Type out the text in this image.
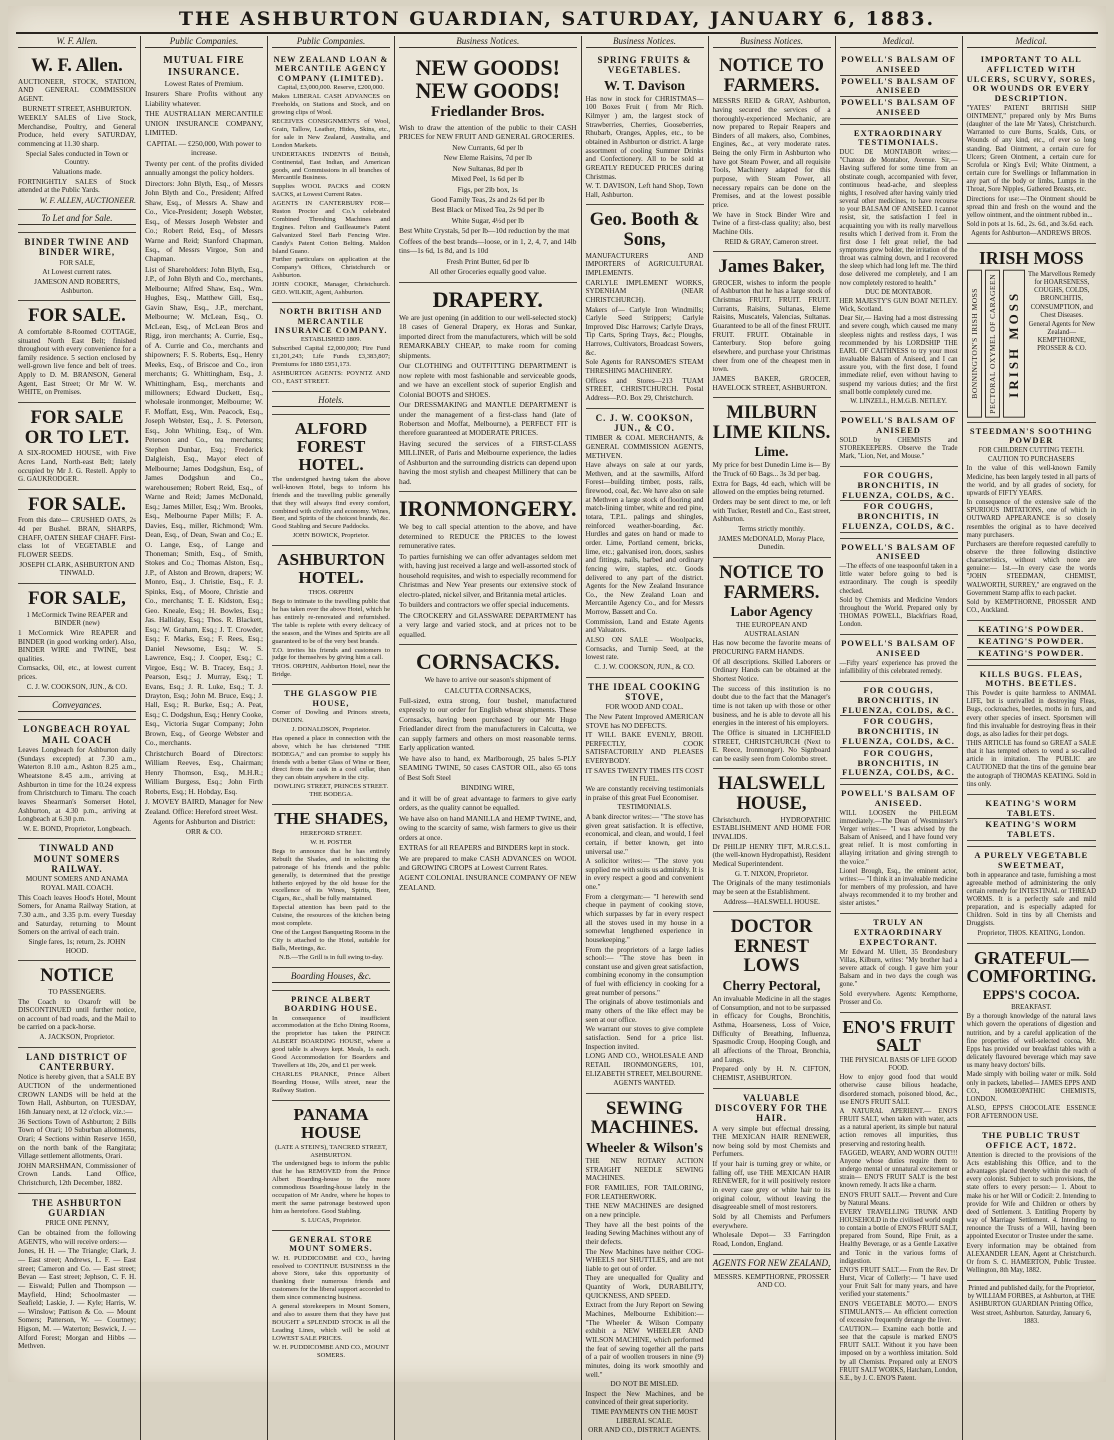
THE ASHBURTON GUARDIAN, SATURDAY, JANUARY 6, 1883.
W. F. Allen.
W. F. Allen.
AUCTIONEER, STOCK, STATION, AND GENERAL COMMISSION AGENT.
BURNETT STREET, ASHBURTON.
WEEKLY SALES of Live Stock, Merchandise, Poultry, and General Produce, held every SATURDAY, commencing at 11.30 sharp.
Special Sales conducted in Town or Country.
Valuations made.
FORTNIGHTLY SALES of Stock attended at the Public Yards.
W. F. ALLEN, AUCTIONEER.
To Let and for Sale.
BINDER TWINE AND BINDER WIRE,
FOR SALE,
At Lowest current rates.
JAMESON AND ROBERTS, Ashburton.
FOR SALE.
A comfortable 8-Roomed COTTAGE, situated North East Belt; finished throughout with every convenience for a family residence. 5 section enclosed by well-grown live fence and belt of trees. Apply to D. M. BRANSON, General Agent, East Street; Or Mr W. W. WHITE, on Premises.
FOR SALE OR TO LET.
A SIX-ROOMED HOUSE, with Five Acres Land, North-east Belt; lately occupied by Mr J. G. Restell. Apply to G. GAUKRODGER.
FOR SALE.
From this date— CRUSHED OATS, 2s 4d per Bushel. BRAN, SHARPS, CHAFF, OATEN SHEAF CHAFF. First-class lot of VEGETABLE and FLOWER SEEDS.
JOSEPH CLARK, ASHBURTON AND TINWALD.
FOR SALE,
1 McCormick Twine REAPER and BINDER (new)
1 McCormick Wire REAPER and BINDER (in good working order). Also, BINDER WIRE and TWINE, best qualities.
Cornsacks, Oil, etc., at lowest current prices.
C. J. W. COOKSON, JUN., & CO.
Conveyances.
LONGBEACH ROYAL MAIL COACH
Leaves Longbeach for Ashburton daily (Sundays excepted) at 7.30 a.m., Waterton 8.10 a.m., Ashton 8.25 a.m., Wheatstone 8.45 a.m., arriving at Ashburton in time for the 10.24 express from Christchurch to Timaru. The coach leaves Shearman's Somerset Hotel, Ashburton, at 4.30 p.m., arriving at Longbeach at 6.30 p.m.
W. E. BOND, Proprietor, Longbeach.
TINWALD AND MOUNT SOMERS RAILWAY.
MOUNT SOMERS AND ANAMA ROYAL MAIL COACH.
This Coach leaves Hood's Hotel, Mount Somers, for Anama Railway Station, at 7.30 a.m., and 3.35 p.m. every Tuesday and Saturday, returning to Mount Somers on the arrival of each train.
Single fares, 1s; return, 2s. JOHN HOOD.
NOTICE
TO PASSENGERS.
The Coach to Oxarofr will be DISCONTINUED until further notice, on account of bad roads, and the Mail to be carried on a pack-horse.
A. JACKSON, Proprietor.
LAND DISTRICT OF CANTERBURY.
Notice is hereby given, that a SALE BY AUCTION of the undermentioned CROWN LANDS will be held at the Town Hall, Ashburton, on TUESDAY, 16th January next, at 12 o'clock, viz.:—
36 Sections Town of Ashburton; 2 Bills Town of Orari; 10 Suburban allotments, Orari; 4 Sections within Reserve 1650, on the north bank of the Rangitata; Village settlement allotments, Orari.
JOHN MARSHMAN, Commissioner of Crown Lands. Land Office, Christchurch, 12th December, 1882.
THE ASHBURTON GUARDIAN
PRICE ONE PENNY,
Can be obtained from the following AGENTS, who will receive orders:—
Jones, H. H. — The Triangle; Clark, J. — East street; Andrews, L. F. — East street; Cameron and Co. — East street; Bevan — East street; Jephson, C. F. H. — Eiswald; Pullen and Thompson — Mayfield, Hind; Schoolmaster — Seafield; Laskie, J. — Kyle; Harris, W. — Winslow; Pattison & Co. — Mount Somers; Patterson, W. — Courtney; Higson, M. — Waterton; Beswick, J. — Alford Forest; Morgan and Hibbs — Methven.
Public Companies.
MUTUAL FIRE INSURANCE.
Lowest Rates of Premium.
Insurers Share Profits without any Liability whatever.
THE AUSTRALIAN MERCANTILE UNION INSURANCE COMPANY, LIMITED.
CAPITAL — £250,000, With power to increase.
Twenty per cent. of the profits divided annually amongst the policy holders.
Directors: John Blyth, Esq., of Messrs John Blyth and Co., President; Alfred Shaw, Esq., of Messrs A. Shaw and Co., Vice-President; Joseph Webster, Esq., of Messrs Joseph Webster and Co.; Robert Reid, Esq., of Messrs Warne and Reid; Stanford Chapman, Esq., of Messrs Virgoe, Son and Chapman.
List of Shareholders: John Blyth, Esq., J.P., of John Blyth and Co., merchants, Melbourne; Alfred Shaw, Esq., Wm. Hughes, Esq., Matthew Gill, Esq., Gavin Shaw, Esq., J.P., merchant, Melbourne; W. McLean, Esq., O. McLean, Esq., of McLean Bros and Rigg, iron merchants; A. Currie, Esq., of A. Currie and Co., merchants and shipowners; F. S. Roberts, Esq., Henry Meeks, Esq., of Briscoe and Co., iron merchants; G. Whittingham, Esq., J. Whittingham, Esq., merchants and millowners; Edward Duckett, Esq., wholesale ironmonger, Melbourne; W. F. Moffatt, Esq., Wm. Peacock, Esq., Joseph Webster, Esq., J. S. Peterson, Esq., John Whiting, Esq., of Wm. Peterson and Co., tea merchants; Stephen Dunbar, Esq.; Frederick Dalgleish, Esq., Mayor elect of Melbourne; James Dodgshun, Esq., of James Dodgshun and Co., warehousemen; Robert Reid, Esq., of Warne and Reid; James McDonald, Esq.; James Miller, Esq.; Wm. Brooks, Esq., Melbourne Paper Mills; F. A. Davies, Esq., miller, Richmond; Wm. Dean, Esq., of Dean, Swan and Co.; E. O. Lange, Esq., of Lange and Thoneman; Smith, Esq., of Smith, Stokes and Co.; Thomas Alston, Esq., J.P., of Alston and Brown, drapers; W. Monro, Esq., J. Christie, Esq., F. J. Spinks, Esq., of Moore, Christie and Co., merchants; T. E. Kidston, Esq.; Geo. Kneale, Esq.; H. Bowles, Esq.; Jas. Halliday, Esq.; Thos. R. Blackett, Esq.; W. Graham, Esq.; J. T. Crowder, Esq.; F. Marks, Esq.; F. Rees, Esq.; Daniel Newsome, Esq.; W. S. Lawrence, Esq.; J. Cooper, Esq.; C. Virgoe, Esq.; W. B. Tracey, Esq.; J. Pearson, Esq.; J. Murray, Esq.; T. Evans, Esq.; J. R. Luke, Esq.; T. J. Drayton, Esq.; John M. Bruce, Esq.; J. Hall, Esq.; R. Burke, Esq.; A. Peat, Esq.; C. Dodgshun, Esq.; Henry Cooke, Esq., Victoria Sugar Company; John Brown, Esq., of George Webster and Co., merchants.
Christchurch Board of Directors: William Reeves, Esq., Chairman; Henry Thomson, Esq., M.H.R.; William Burgess, Esq.; John Firth Roberts, Esq.; H. Hobday, Esq.
J. MOVEY BAIRD, Manager for New Zealand. Office: Hereford street West.
Agents for Ashburton and District: ORR & CO.
Public Companies.
NEW ZEALAND LOAN & MERCANTILE AGENCY COMPANY (LIMITED).
Capital, £3,000,000. Reserve, £200,000.
Makes LIBERAL CASH ADVANCES on Freeholds, on Stations and Stock, and on growing clips of Wool.
RECEIVES CONSIGNMENTS of Wool, Grain, Tallow, Leather, Hides, Skins, etc., for sale in New Zealand, Australia, and London Markets.
UNDERTAKES INDENTS of British, Continental, East Indian, and American goods, and Commissions in all branches of Mercantile Business.
Supplies WOOL PACKS and CORN SACKS, at Lowest Current Rates.
AGENTS IN CANTERBURY FOR— Ruston Proctor and Co.'s celebrated Combined Threshing Machines and Engines. Felton and Guilleaume's Patent Galvanized Steel Barb Fencing Wire. Candy's Patent Cotton Belting. Maldon Island Guano.
Further particulars on application at the Company's Offices, Christchurch or Ashburton.
JOHN COOKE, Manager, Christchurch. GEO. WILKIE, Agent, Ashburton.
NORTH BRITISH AND MERCANTILE INSURANCE COMPANY.
ESTABLISHED 1809.
Subscribed Capital £2,000,000; Fire Fund £1,201,243; Life Funds £3,383,807; Premiums for 1880 £951,173.
ASHBURTON AGENTS: POYNTZ AND CO., EAST STREET.
Hotels.
ALFORD FOREST HOTEL.
The undersigned having taken the above well-known Hotel, begs to inform his friends and the travelling public generally that they will always find every comfort, combined with civility and economy. Wines, Beer, and Spirits of the choicest brands, &c. Good Stabling and Secure Paddocks.
JOHN BOWICK, Proprietor.
ASHBURTON HOTEL.
THOS. ORPHIN
Begs to intimate to the travelling public that he has taken over the above Hotel, which he has entirely re-renovated and refurnished. The table is replete with every delicacy of the season, and the Wines and Spirits are all guaranteed to be of the very best brands.
T.O. invites his friends and customers to judge for themselves by giving him a call.
THOS. ORPHIN, Ashburton Hotel, near the Bridge.
THE GLASGOW PIE HOUSE,
Corner of Dowling and Princes streets, DUNEDIN.
J. DONALDSON, Proprietor.
Has opened a place in connection with the above, which he has christened "THE BODEGA," and can promise to supply his friends with a better Glass of Wine or Beer, direct from the cask in a cool cellar, than they can obtain anywhere in the city.
DOWLING STREET, PRINCES STREET. THE BODEGA.
THE SHADES,
HEREFORD STREET.
W. H. POSTER
Begs to announce that he has entirely Rebuilt the Shades, and in soliciting the patronage of his friends and the public generally, is determined that the prestige hitherto enjoyed by the old house for the excellence of its Wines, Spirits, Beer, Cigars, &c., shall be fully maintained.
Especial attention has been paid to the Cuisine, the resources of the kitchen being most complete.
One of the Largest Banqueting Rooms in the City is attached to the Hotel, suitable for Balls, Meetings, &c.
N.B.—The Grill is in full swing to-day.
Boarding Houses, &c.
PRINCE ALBERT BOARDING HOUSE.
In consequence of insufficient accommodation at the Echo Dining Rooms, the proprietor has taken the PRINCE ALBERT BOARDING HOUSE, where a good table is always kept. Meals, 1s each. Good Accommodation for Boarders and Travellers at 18s, 20s, and £1 per week.
CHARLES PRANKE, Prince Albert Boarding House, Wills street, near the Railway Station.
PANAMA HOUSE
(LATE A STEIN'S), TANCRED STREET, ASHBURTON.
The undersigned begs to inform the public that he has REMOVED from the Prince Albert Boarding-house to the more commodious Boarding-house lately in the occupation of Mr Andre, where he hopes to merit the same patronage bestowed upon him as heretofore. Good Stabling.
S. LUCAS, Proprietor.
GENERAL STORE MOUNT SOMERS.
W. H. PUDDICOMBE and CO., having resolved to CONTINUE BUSINESS in the above Store, take this opportunity of thanking their numerous friends and customers for the liberal support accorded to them since commencing business.
A general storekeepers in Mount Somers, and also to assure them that they have just BOUGHT a SPLENDID STOCK in all the Leading Lines, which will be sold at LOWEST SALE PRICES.
W. H. PUDDICOMBE AND CO., MOUNT SOMERS.
Business Notices.
NEW GOODS! NEW GOODS!
Friedlander Bros.
Wish to draw the attention of the public to their CASH PRICES for NEW FRUIT AND GENERAL GROCERIES.
New Currants, 6d per lb
New Eleme Raisins, 7d per lb
New Sultanas, 8d per lb
Mixed Peel, 1s 6d per lb
Figs, per 2lb box, 1s
Good Family Teas, 2s and 2s 6d per lb
Best Black or Mixed Tea, 2s 9d per lb
White Sugar, 4½d per lb
Best White Crystals, 5d per lb—10d reduction by the mat
Coffees of the best brands—loose, or in 1, 2, 4, 7, and 14lb tins—1s 6d, 1s 8d, and 1s 10d
Fresh Print Butter, 6d per lb
All other Groceries equally good value.
DRAPERY.
We are just opening (in addition to our well-selected stock) 18 cases of General Drapery, ex Horas and Sunkar, imported direct from the manufacturers, which will be sold REMARKABLY CHEAP, to make room for coming shipments.
Our CLOTHING and OUTFITTING DEPARTMENT is now replete with most fashionable and serviceable goods, and we have an excellent stock of superior English and Colonial BOOTS and SHOES.
Our DRESSMAKING and MANTLE DEPARTMENT is under the management of a first-class hand (late of Robertson and Moffat, Melbourne), a PERFECT FIT is therefore guaranteed at MODERATE PRICES.
Having secured the services of a FIRST-CLASS MILLINER, of Paris and Melbourne experience, the ladies of Ashburton and the surrounding districts can depend upon having the most stylish and cheapest Millinery that can be had.
IRONMONGERY.
We beg to call special attention to the above, and have determined to REDUCE the PRICES to the lowest remunerative rates.
To parties furnishing we can offer advantages seldom met with, having just received a large and well-assorted stock of household requisites, and wish to especially recommend for Christmas and New Year presents our extensive stock of electro-plated, nickel silver, and Britannia metal articles.
To builders and contractors we offer special inducements.
The CROCKERY and GLASSWARE DEPARTMENT has a very large and varied stock, and at prices not to be equalled.
CORNSACKS.
We have to arrive our season's shipment of
CALCUTTA CORNSACKS,
Full-sized, extra strong, four bushel, manufactured expressly to our order for English wheat shipments. These Cornsacks, having been purchased by our Mr Hugo Friedlander direct from the manufacturers in Calcutta, we can supply farmers and others on most reasonable terms. Early application wanted.
We have also to hand, ex Marlborough, 25 bales 5-PLY SEAMING TWINE, 50 cases CASTOR OIL, also 65 tons of Best Soft Steel
BINDING WIRE,
and it will be of great advantage to farmers to give early orders, as the quality cannot be equalled.
We have also on hand MANILLA and HEMP TWINE, and, owing to the scarcity of same, wish farmers to give us their orders at once.
EXTRAS for all REAPERS and BINDERS kept in stock.
We are prepared to make CASH ADVANCES on WOOL and GROWING CROPS at Lowest Current Rates.
AGENT COLONIAL INSURANCE COMPANY OF NEW ZEALAND.
Business Notices.
SPRING FRUITS & VEGETABLES.
W. T. Davison
Has now in stock for CHRISTMAS—100 Boxes Fruit ( from Mr Rich. Kilmyer ) am, the largest stock of Strawberries, Cherries, Gooseberries, Rhubarb, Oranges, Apples, etc., to be obtained in Ashburton or district. A large assortment of cooling Summer Drinks and Confectionery. All to be sold at GREATLY REDUCED PRICES during Christmas.
W. T. DAVISON, Left hand Shop, Town Hall, Ashburton.
Geo. Booth & Sons,
MANUFACTURERS AND IMPORTERS of AGRICULTURAL IMPLEMENTS.
CARLYLE IMPLEMENT WORKS, SYDENHAM (NEAR CHRISTCHURCH).
Makers of— Carlyle Iron Windmills; Carlyle Seed Strippers; Carlyle Improved Disc Harrows; Carlyle Drays, Tip Carts, Spring Trays, &c.; Ploughs, Harrows, Cultivators, Broadcast Sowers, &c.
Sole Agents for RANSOME'S STEAM THRESHING MACHINERY.
Offices and Stores—213 TUAM STREET, CHRISTCHURCH. Postal Address—P.O. Box 29, Christchurch.
C. J. W. COOKSON, JUN., & CO.
TIMBER & COAL MERCHANTS, & GENERAL COMMISSION AGENTS, METHVEN.
Have always on sale at our yards, Methven, and at the sawmills, Alford Forest—building timber, posts, rails, firewood, coal, &c. We have also on sale at Methven a large stock of flooring and match-lining timber, white and red pine, totara, T.P.L. palings and shingles, reinforced weather-boarding, &c. Hurdles and gates on hand or made to order. Lime, Portland cement, bricks, lime, etc.; galvanised iron, doors, sashes and fittings, nails, barbed and ordinary fencing wire, staples, etc. Goods delivered to any part of the district. Agents for the New Zealand Insurance Co., the New Zealand Loan and Mercantile Agency Co., and for Messrs Morrow, Bassett and Co.
Commission, Land and Estate Agents and Valuators.
ALSO ON SALE — Woolpacks, Cornsacks, and Turnip Seed, at the lowest rate.
C. J. W. COOKSON, JUN., & CO.
THE IDEAL COOKING STOVE,
FOR WOOD AND COAL.
The New Patent Improved AMERICAN STOVE has NO DEFECTS.
IT WILL BAKE EVENLY, BROIL PERFECTLY, COOK SATISFACTORILY AND PLEASES EVERYBODY.
IT SAVES TWENTY TIMES ITS COST IN FUEL.
We are constantly receiving testimonials in praise of this great Fuel Economiser.
TESTIMONIALS.
A bank director writes:— "The stove has given great satisfaction. It is effective, economical, and clean, and would, I feel certain, if better known, get into universal use."
A solicitor writes:— "The stove you supplied me with suits us admirably. It is in every respect a good and convenient one."
From a clergyman:— "I herewith send cheque in payment of cooking stove, which surpasses by far in every respect all the stoves used in my house in a somewhat lengthened experience in housekeeping."
From the proprietors of a large ladies school:— "The stove has been in constant use and given great satisfaction, combining economy in the consumption of fuel with efficiency in cooking for a great number of persons."
The originals of above testimonials and many others of the like effect may be seen at our office.
We warrant our stoves to give complete satisfaction. Send for a price list. Inspection invited.
LONG AND CO., WHOLESALE AND RETAIL IRONMONGERS, 101, ELIZABETH STREET, MELBOURNE.
AGENTS WANTED.
SEWING MACHINES.
Wheeler & Wilson's
THE NEW ROTARY ACTION STRAIGHT NEEDLE SEWING MACHINES.
FOR FAMILIES, FOR TAILORING, FOR LEATHERWORK.
THE NEW MACHINES are designed on a new principle.
They have all the best points of the leading Sewing Machines without any of their defects.
The New Machines have neither COG-WHEELS nor SHUTTLES, and are not liable to get out of order.
They are unequalled for Quality and Quantity of Work, DURABILITY, QUICKNESS, AND SPEED.
Extract from the Jury Report on Sewing Machines, Melbourne Exhibition:— "The Wheeler & Wilson Company exhibit a NEW WHEELER AND WILSON MACHINE, which performed the feat of sewing together all the parts of a pair of woollen trousers in nine (9) minutes, doing its work smoothly and well."
DO NOT BE MISLED.
Inspect the New Machines, and be convinced of their great superiority.
TIME PAYMENTS ON THE MOST LIBERAL SCALE.
ORR AND CO., DISTRICT AGENTS.
Business Notices.
NOTICE TO FARMERS.
MESSRS REID & GRAY, Ashburton, having secured the services of a thoroughly-experienced Mechanic, are now prepared to Repair Reapers and Binders of all makers, also, Combines, Engines, &c., at very moderate rates. Being the only Firm in Ashburton who have got Steam Power, and all requisite Tools, Machinery adapted for this purpose, with Steam Power, all necessary repairs can be done on the Premises, and at the lowest possible price.
We have in Stock Binder Wire and Twine of a first-class quality; also, best Machine Oils.
REID & GRAY, Cameron street.
James Baker,
GROCER, wishes to inform the people of Ashburton that he has a large stock of Christmas FRUIT. FRUIT. FRUIT. Currants, Raisins, Sultanas, Eleme Raisins, Muscatels, Valencias, Sultanas. Guaranteed to be all of the finest FRUIT. FRUIT. FRUIT. Obtainable in Canterbury. Stop before going elsewhere, and purchase your Christmas cheer from one of the cheapest men in town.
JAMES BAKER, GROCER, HAVELOCK STREET, ASHBURTON.
MILBURN LIME KILNS.
Lime.
My price for best Dunedin Lime is— By the Truck of 60 Bags... 3s 3d per bag.
Extra for Bags, 4d each, which will be allowed on the empties being returned.
Orders may be sent direct to me, or left with Tucker, Restell and Co., East street, Ashburton.
Terms strictly monthly.
JAMES McDONALD, Moray Place, Dunedin.
NOTICE TO FARMERS.
Labor Agency
THE EUROPEAN AND AUSTRALASIAN
Has now become the favorite means of PROCURING FARM HANDS.
Of all descriptions. Skilled Laborers or Ordinary Hands can be obtained at the Shortest Notice.
The success of this institution is no doubt due to the fact that the Manager's time is not taken up with those or other business, and he is able to devote all his energies in the interest of his employers.
The Office is situated in LICHFIELD STREET, CHRISTCHURCH (Next to E. Reece, Ironmonger). No Signboard can be easily seen from Colombo street.
HALSWELL HOUSE,
Christchurch. HYDROPATHIC ESTABLISHMENT AND HOME FOR INVALIDS.
Dr PHILIP HENRY TIFT, M.R.C.S.L. (the well-known Hydropathist), Resident Medical Superintendent.
G. T. NIXON, Proprietor.
The Originals of the many testimonials may be seen at the Establishment.
Address—HALSWELL HOUSE.
DOCTOR ERNEST LOWS
Cherry Pectoral,
An invaluable Medicine in all the stages of Consumption, and not to be surpassed in efficacy for Coughs, Bronchitis, Asthma, Hoarseness, Loss of Voice, Difficulty of Breathing, Influenza, Spasmodic Croup, Hooping Cough, and all affections of the Throat, Bronchia, and Lungs.
Prepared only by H. N. CIFTON, CHEMIST, ASHBURTON.
VALUABLE DISCOVERY FOR THE HAIR.
A very simple but effectual dressing. THE MEXICAN HAIR RENEWER, now being sold by most Chemists and Perfumers.
If your hair is turning grey or white, or falling off, use THE MEXICAN HAIR RENEWER, for it will positively restore in every case grey or white hair to its original colour, without leaving the disagreeable smell of most restorers.
Sold by all Chemists and Perfumers everywhere.
Wholesale Depot— 33 Farringdon Road, London, England.
AGENTS FOR NEW ZEALAND,
MESSRS. KEMPTHORNE, PROSSER AND CO.
Medical.
POWELL'S BALSAM OF ANISEED
POWELL'S BALSAM OF ANISEED
POWELL'S BALSAM OF ANISEED
EXTRAORDINARY TESTIMONIALS.
DUC DE MONTABOR writes:— "Chateau de Montabor, Avenue. Sir,—Having suffered for some time from an obstinate cough, accompanied with fever, continuous head-ache, and sleepless nights, I resolved after having vainly tried several other medicines, to have recourse to your BALSAM OF ANISEED. I cannot resist, sir, the satisfaction I feel in acquainting you with its really marvellous results which I derived from it. From the first dose I felt great relief, the bad symptoms grew bolder, the irritation of the throat was calming down, and I recovered the sleep which had long left me. The third dose delivered me completely, and I am now completely restored to health."
DUC DE MONTABOR.
HER MAJESTY'S GUN BOAT NETLEY. Wick, Scotland.
Dear Sir,— Having had a most distressing and severe cough, which caused me many sleepless nights and restless days, I was recommended by his LORDSHIP THE EARL OF CAITHNESS to try your most invaluable Balsam of Aniseed, and I can assure you, with the first dose, I found immediate relief, even without having to suspend my various duties; and the first small bottle completely cured me.
W. LINZELL, H.M.G.B. NETLEY.
POWELL'S BALSAM OF ANISEED
SOLD by CHEMISTS and STOREKEEPERS. Observe the Trade Mark, "Lion, Net, and Mouse."
FOR COUGHS, BRONCHITIS, IN FLUENZA, COLDS, &C.
FOR COUGHS, BRONCHITIS, IN FLUENZA, COLDS, &C.
POWELL'S BALSAM OF ANISEED
—The effects of one teaspoonful taken in a little water before going to bed is extraordinary. The cough is speedily checked.
Sold by Chemists and Medicine Vendors throughout the World. Prepared only by THOMAS POWELL, Blackfriars Road, London.
POWELL'S BALSAM OF ANISEED
—Fifty years' experience has proved the infallibility of this celebrated remedy.
FOR COUGHS, BRONCHITIS, IN FLUENZA, COLDS, &C.
FOR COUGHS, BRONCHITIS, IN FLUENZA, COLDS, &C.
FOR COUGHS, BRONCHITIS, IN FLUENZA, COLDS, &C.
POWELL'S BALSAM OF ANISEED.
WILL LOOSEN the PHLEGM immediately.—The Dean of Westminster's Verger writes:— "I was advised by the Balsam of Aniseed, and I have found very great relief. It is most comforting in allaying irritation and giving strength to the voice."
Lionel Brough, Esq., the eminent actor, writes:— "I think it an invaluable medicine for members of my profession, and have always recommended it to my brother and sister artistes."
TRULY AN EXTRAORDINARY EXPECTORANT.
Mr Edward M. Ullett, 35 Brondesbury Villas, Kilburn, writes: "My brother had a severe attack of cough. I gave him your Balsam and in two days the cough was gone."
Sold everywhere. Agents: Kempthorne, Prosser and Co.
ENO'S FRUIT SALT
THE PHYSICAL BASIS OF LIFE GOOD FOOD.
How to enjoy good food that would otherwise cause bilious headache, disordered stomach, poisoned blood, &c., use ENO'S FRUIT SALT.
A NATURAL APERIENT.— ENO'S FRUIT SALT, when taken with water, acts as a natural aperient, its simple but natural action removes all impurities, thus preserving and restoring health.
FAGGED, WEARY, AND WORN OUT!!! Anyone whose duties require them to undergo mental or unnatural excitement or strain— ENO'S FRUIT SALT is the best known remedy. It acts like a charm.
ENO'S FRUIT SALT.— Prevent and Cure by Natural Means.
EVERY TRAVELLING TRUNK AND HOUSEHOLD in the civilised world ought to contain a bottle of ENO'S FRUIT SALT, prepared from Sound, Ripe Fruit, as a Healthy Beverage, or as a Gentle Laxative and Tonic in the various forms of indigestion.
ENO'S FRUIT SALT.— From the Rev. Dr Hurst, Vicar of Collerly:— "I have used your Fruit Salt for many years, and have verified your statements."
ENO'S VEGETABLE MOTO.— ENO'S STIMULANTS.— An efficient correction of excessive frequently derange the liver.
CAUTION.— Examine each bottle and see that the capsule is marked ENO'S FRUIT SALT. Without it you have been imposed on by a worthless imitation. Sold by all Chemists. Prepared only at ENO'S FRUIT SALT WORKS, Hatcham, London, S.E., by J. C. ENO'S Patent.
Medical.
IMPORTANT TO ALL AFFLICTED WITH ULCERS, SCURVY, SORES, OR WOUNDS OR EVERY DESCRIPTION.
"YATES' PATENT BRITISH SHIP OINTMENT," prepared only by Mrs Burns (daughter of the late Mr Yates), Christchurch. Warranted to cure Burns, Scalds, Cuts, or Wounds of any kind, etc., of ever so long standing. Bad Ointment, a certain cure for Ulcers; Green Ointment, a certain cure for Scrofula or King's Evil; White Ointment, a certain cure for Swellings or Inflammation in any part of the body or limbs, Lumps in the Throat, Sore Nipples, Gathered Breasts, etc.
Directions for use:—The Ointment should be spread thin and fresh on the wound and the yellow ointment, and the ointment rubbed in...
Sold in pots at 1s. 6d., 2s. 6d., and 3s.6d. each.
Agents for Ashburton—ANDREWS BROS.
IRISH MOSS
BONNINGTON'S IRISH MOSS	PECTORAL OXYMEL OF CARAGEEN IRISH MOSS
The Marvellous Remedy for HOARSENESS, COUGHS, COLDS, BRONCHITIS, CONSUMPTION, and Chest Diseases.
General Agents for New Zealand— KEMPTHORNE, PROSSER & CO.
STEEDMAN'S SOOTHING POWDER
FOR CHILDREN CUTTING TEETH.
CAUTION TO PURCHASERS
In the value of this well-known Family Medicine, has been largely tested in all parts of the world, and by all grades of society, for upwards of FIFTY YEARS.
In consequence of the extensive sale of the SPURIOUS IMITATIONS, one of which in OUTWARD APPEARANCE is so closely resembles the original as to have deceived many purchasers.
Purchasers are therefore requested carefully to observe the three following distinctive characteristics, without which none are genuine:— 1st.—In every case the words "JOHN STEEDMAN, CHEMIST, WALWORTH, SURREY," are engraved on the Government Stamp affix to each packet.
Sold by KEMPTHORNE, PROSSER AND CO., Auckland.
KEATING'S POWDER.
KEATING'S POWDER.
KEATING'S POWDER.
KILLS BUGS. FLEAS, MOTHS. BEETLES.
This Powder is quite harmless to ANIMAL LIFE, but is unrivalled in destroying Fleas, Bugs, cockroaches, beetles, moths in furs, and every other species of insect. Sportsmen will find this invaluable for destroying fleas in their dogs, as also ladies for their pet dogs.
THIS ARTICLE has found so GREAT a SALE that it has tempted others to vend a so-called article in imitation. The PUBLIC are CAUTIONED that the tins of the genuine bear the autograph of THOMAS KEATING. Sold in tins only.
KEATING'S WORM TABLETS.
KEATING'S WORM TABLETS.
A PURELY VEGETABLE SWEETMEAT,
both in appearance and taste, furnishing a most agreeable method of administering the only certain remedy for INTESTINAL or THREAD WORMS. It is a perfectly safe and mild preparation, and is especially adapted for Children. Sold in tins by all Chemists and Druggists.
Proprietor, THOS. KEATING, London.
GRATEFUL—COMFORTING.
EPPS'S COCOA.
BREAKFAST.
By a thorough knowledge of the natural laws which govern the operations of digestion and nutrition, and by a careful application of the fine properties of well-selected cocoa, Mr. Epps has provided our breakfast tables with a delicately flavoured beverage which may save us many heavy doctors' bills.
Made simply with boiling water or milk. Sold only in packets, labelled— JAMES EPPS AND CO., HOMŒOPATHIC CHEMISTS, LONDON.
ALSO, EPPS'S CHOCOLATE ESSENCE FOR AFTERNOON USE.
THE PUBLIC TRUST OFFICE ACT, 1872.
Attention is directed to the provisions of the Acts establishing this Office, and to the advantages placed thereby within the reach of every colonist. Subject to such provisions, the state offers to every person:— 1. About to make his or her Will or Codicil: 2. Intending to provide for Wife and Children or others by deed of Settlement. 3. Entitling Property by way of Marriage Settlement. 4. Intending to renounce the Trusts of a Will, having been appointed Executor or Trustee under the same.
Every information may be obtained from ALEXANDER LEAN, Agent at Christchurch. Or from S. C. HAMERTON, Public Trustee. Wellington, 8th May, 1882.
Printed and published daily, for the Proprietor, by WILLIAM FORBES, at Ashburton, at THE ASHBURTON GUARDIAN Printing Office, West street, Ashburton. Saturday, January 6, 1883.
